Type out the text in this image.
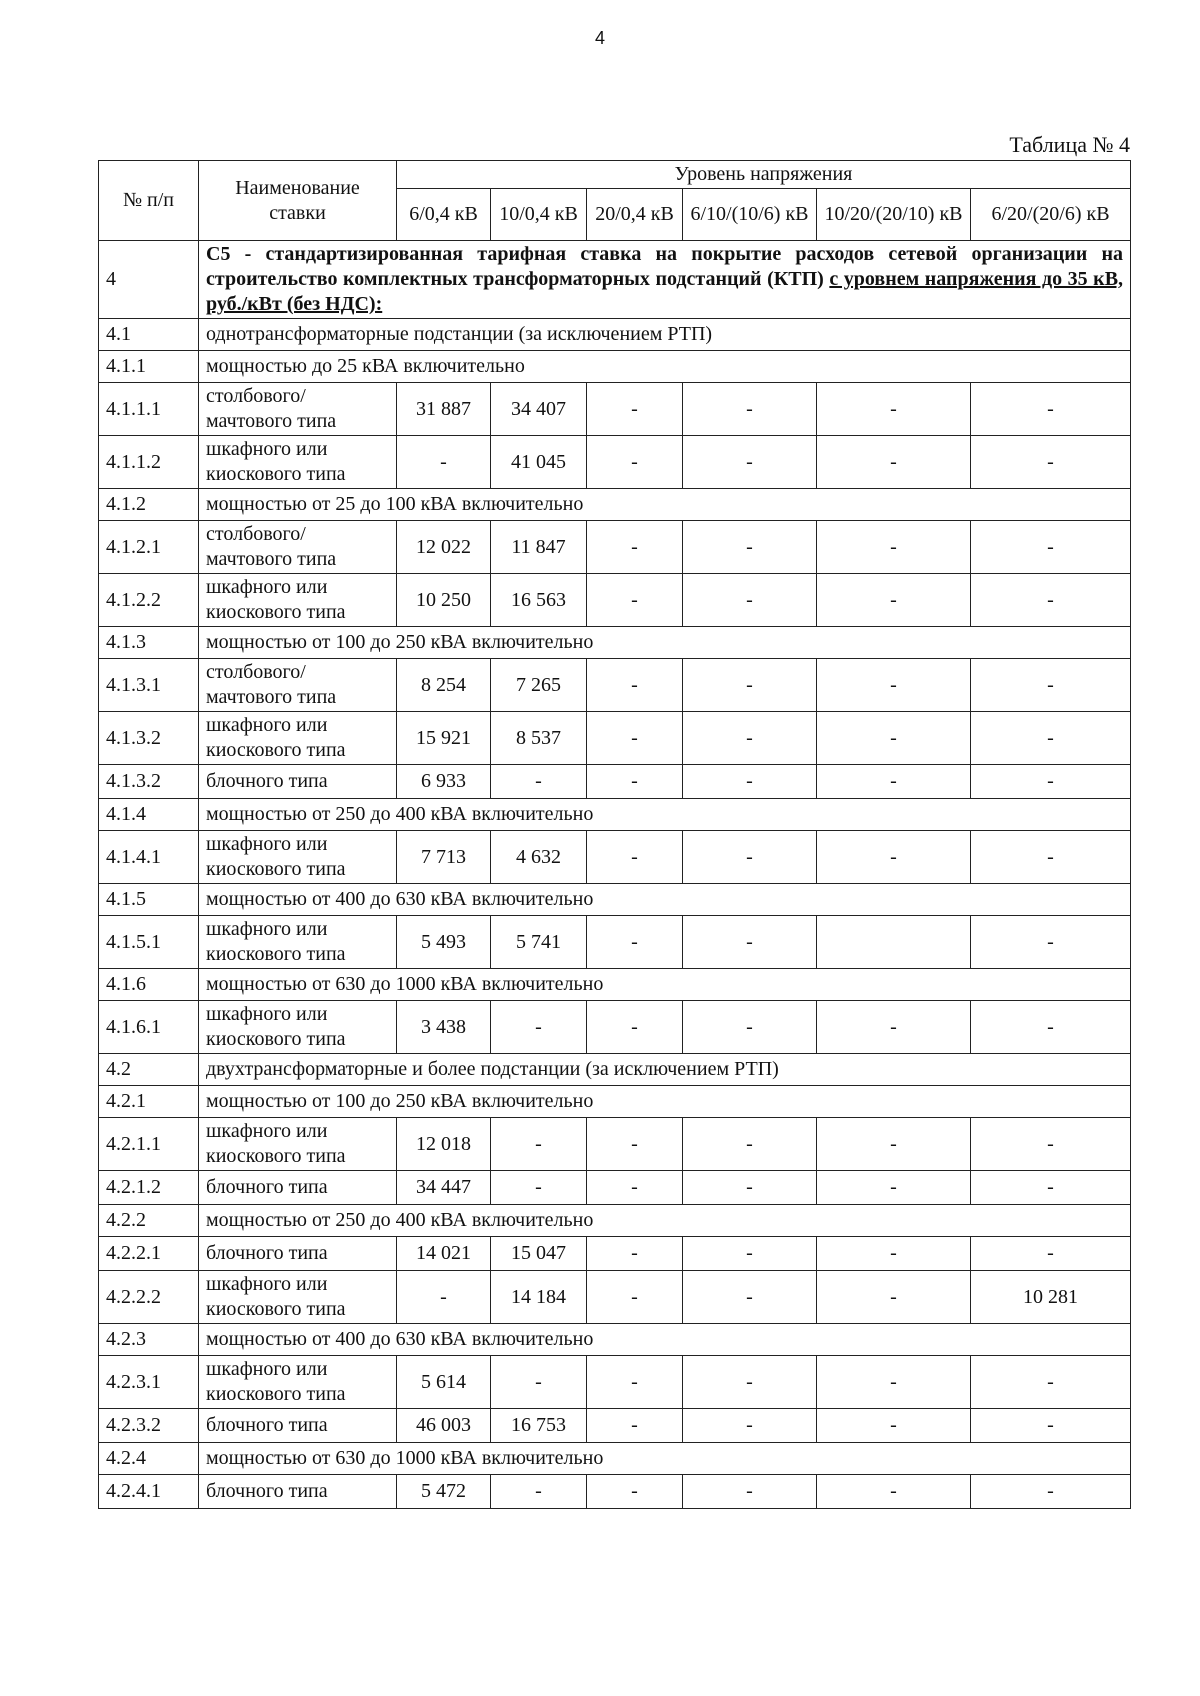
4
Таблица № 4
№ п/п	Наименование ставки	Уровень напряжения					
		6/0,4 кВ	10/0,4 кВ	20/0,4 кВ	6/10/(10/6) кВ	10/20/(20/10) кВ	6/20/(20/6) кВ
4	С5 - стандартизированная тарифная ставка на покрытие расходов сетевой организации на строительство комплектных трансформаторных подстанций (КТП) с уровнем напряжения до 35 кВ, руб./кВт (без НДС):						
4.1	однотрансформаторные подстанции (за исключением РТП)						
4.1.1	мощностью до 25 кВА включительно						
4.1.1.1	столбового/ мачтового типа	31 887	34 407	-	-	-	-
4.1.1.2	шкафного или киоскового типа	-	41 045	-	-	-	-
4.1.2	мощностью от 25 до 100 кВА включительно						
4.1.2.1	столбового/ мачтового типа	12 022	11 847	-	-	-	-
4.1.2.2	шкафного или киоскового типа	10 250	16 563	-	-	-	-
4.1.3	мощностью от 100 до 250 кВА включительно						
4.1.3.1	столбового/ мачтового типа	8 254	7 265	-	-	-	-
4.1.3.2	шкафного или киоскового типа	15 921	8 537	-	-	-	-
4.1.3.2	блочного типа	6 933	-	-	-	-	-
4.1.4	мощностью от 250 до 400 кВА включительно						
4.1.4.1	шкафного или киоскового типа	7 713	4 632	-	-	-	-
4.1.5	мощностью от 400 до 630 кВА включительно						
4.1.5.1	шкафного или киоскового типа	5 493	5 741	-	-		-
4.1.6	мощностью от 630 до 1000 кВА включительно						
4.1.6.1	шкафного или киоскового типа	3 438	-	-	-	-	-
4.2	двухтрансформаторные и более подстанции (за исключением РТП)						
4.2.1	мощностью от 100 до 250 кВА включительно						
4.2.1.1	шкафного или киоскового типа	12 018	-	-	-	-	-
4.2.1.2	блочного типа	34 447	-	-	-	-	-
4.2.2	мощностью от 250 до 400 кВА включительно						
4.2.2.1	блочного типа	14 021	15 047	-	-	-	-
4.2.2.2	шкафного или киоскового типа	-	14 184	-	-	-	10 281
4.2.3	мощностью от 400 до 630 кВА включительно						
4.2.3.1	шкафного или киоскового типа	5 614	-	-	-	-	-
4.2.3.2	блочного типа	46 003	16 753	-	-	-	-
4.2.4	мощностью от 630 до 1000 кВА включительно						
4.2.4.1	блочного типа	5 472	-	-	-	-	-
